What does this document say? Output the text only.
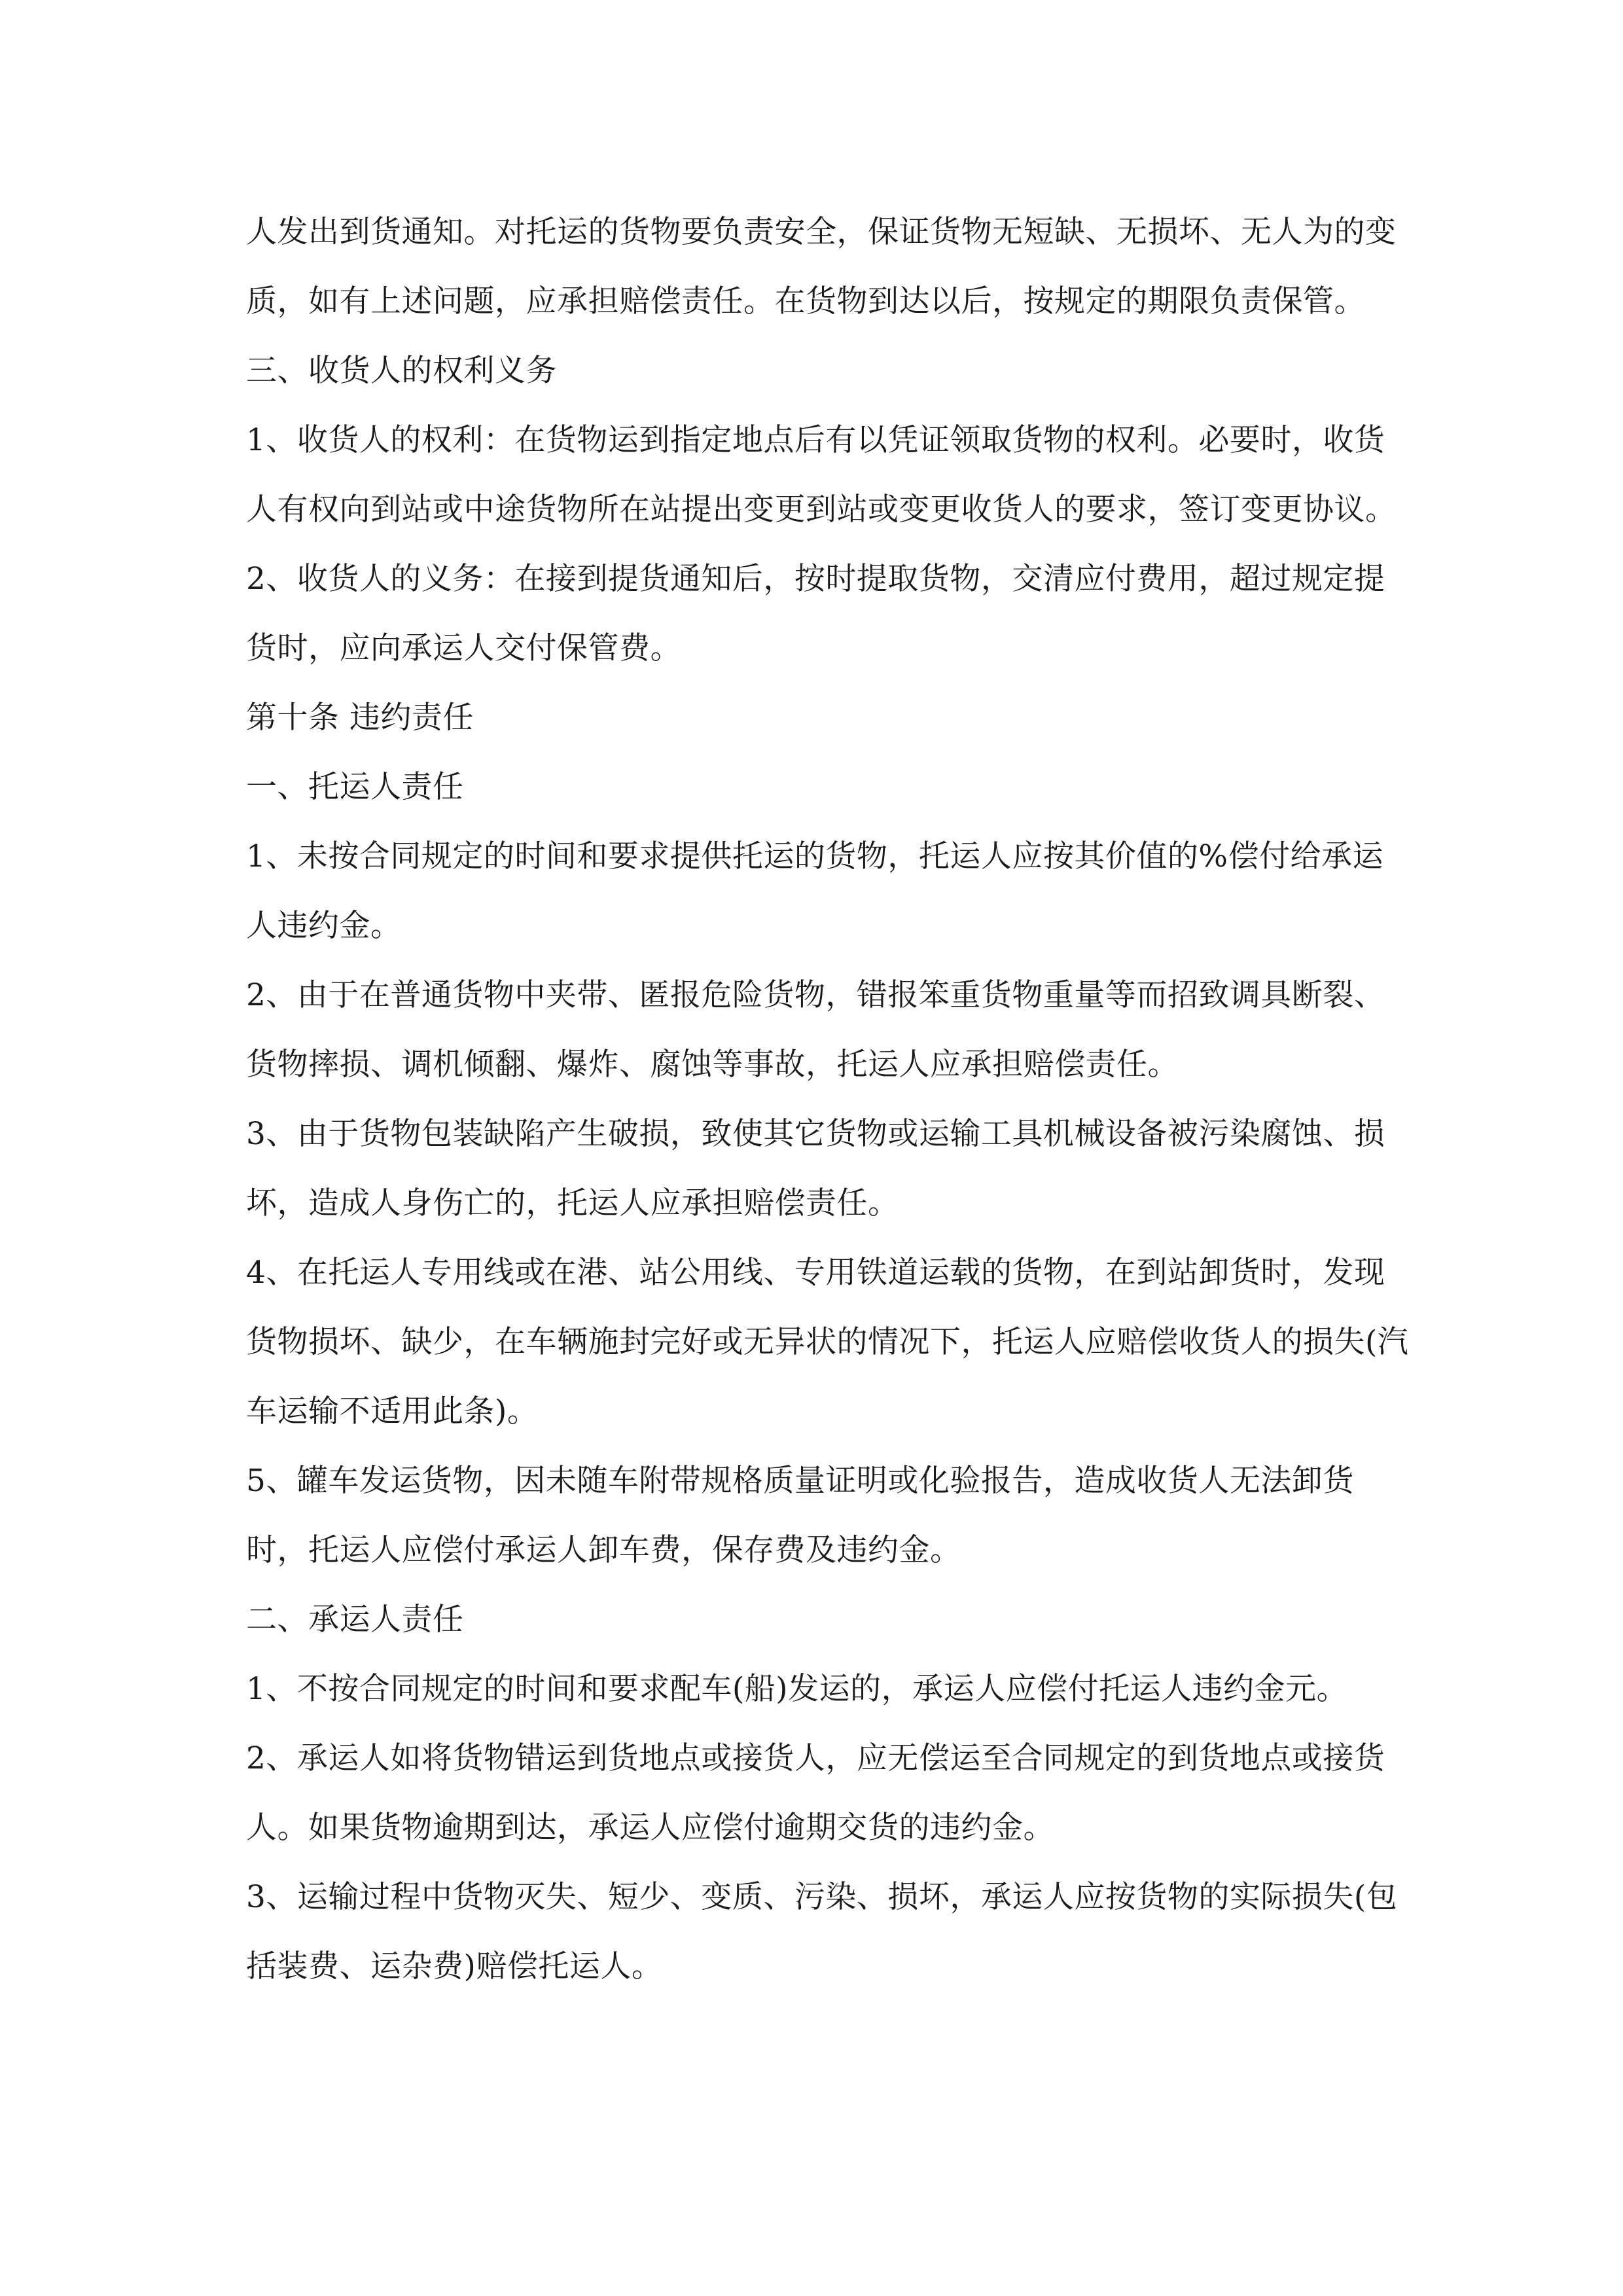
人发出到货通知。对托运的货物要负责安全，保证货物无短缺、无损坏、无人为的变质，如有上述问题，应承担赔偿责任。在货物到达以后，按规定的期限负责保管。

三、收货人的权利义务

1、收货人的权利：在货物运到指定地点后有以凭证领取货物的权利。必要时，收货人有权向到站或中途货物所在站提出变更到站或变更收货人的要求，签订变更协议。

2、收货人的义务：在接到提货通知后，按时提取货物，交清应付费用，超过规定提货时，应向承运人交付保管费。

第十条 违约责任

一、托运人责任

1、未按合同规定的时间和要求提供托运的货物，托运人应按其价值的%偿付给承运人违约金。

2、由于在普通货物中夹带、匿报危险货物，错报笨重货物重量等而招致调具断裂、货物摔损、调机倾翻、爆炸、腐蚀等事故，托运人应承担赔偿责任。

3、由于货物包装缺陷产生破损，致使其它货物或运输工具机械设备被污染腐蚀、损坏，造成人身伤亡的，托运人应承担赔偿责任。

4、在托运人专用线或在港、站公用线、专用铁道运载的货物，在到站卸货时，发现货物损坏、缺少，在车辆施封完好或无异状的情况下，托运人应赔偿收货人的损失(汽车运输不适用此条)。

5、罐车发运货物，因未随车附带规格质量证明或化验报告，造成收货人无法卸货时，托运人应偿付承运人卸车费，保存费及违约金。

二、承运人责任

1、不按合同规定的时间和要求配车(船)发运的，承运人应偿付托运人违约金元。

2、承运人如将货物错运到货地点或接货人，应无偿运至合同规定的到货地点或接货人。如果货物逾期到达，承运人应偿付逾期交货的违约金。

3、运输过程中货物灭失、短少、变质、污染、损坏，承运人应按货物的实际损失(包括装费、运杂费)赔偿托运人。
